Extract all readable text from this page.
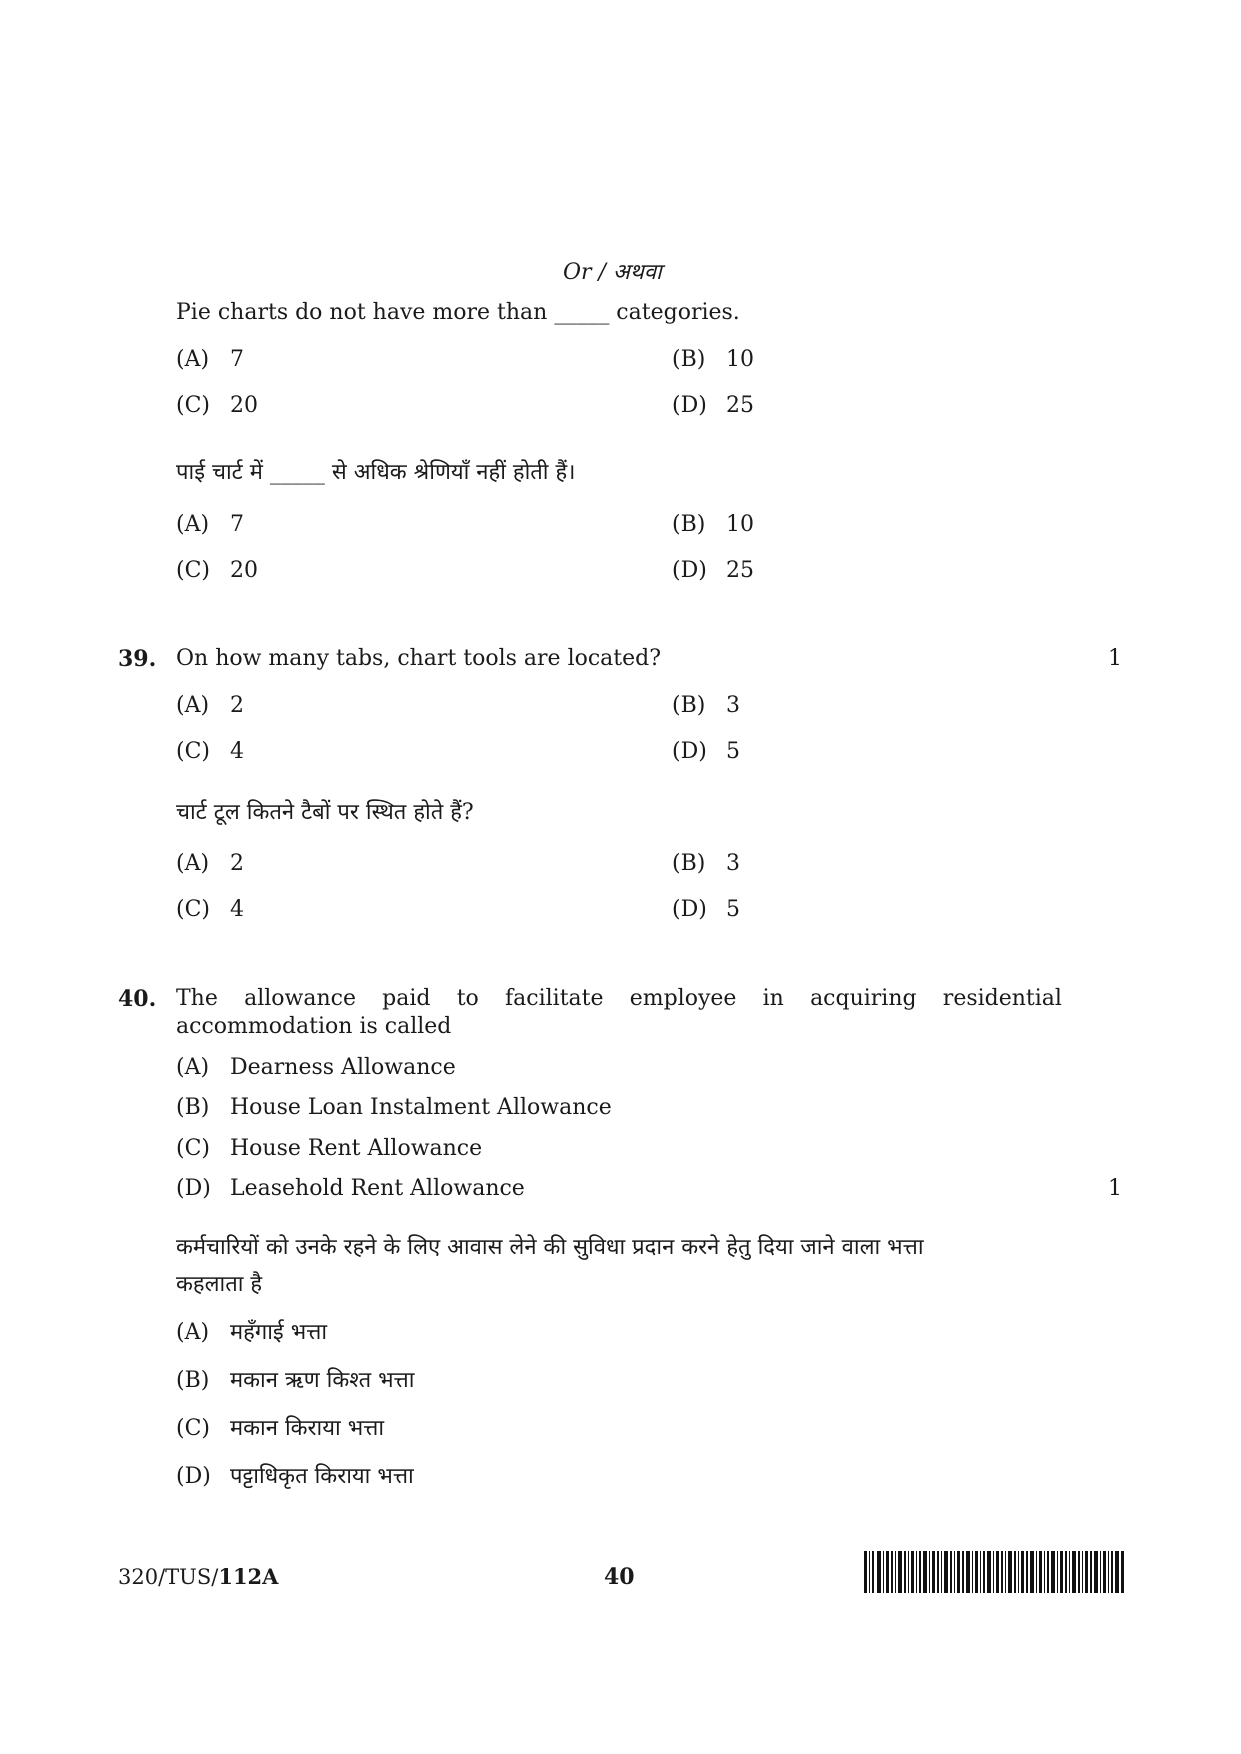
Or / अथवा
Pie charts do not have more than _____ categories.
(A) 7	(B) 10
(C) 20	(D) 25
पाई चार्ट में _____ से अधिक श्रेणियाँ नहीं होती हैं।
(A) 7	(B) 10
(C) 20	(D) 25
39. On how many tabs, chart tools are located?	1
(A) 2	(B) 3
(C) 4	(D) 5
चार्ट टूल कितने टैबों पर स्थित होते हैं?
(A) 2	(B) 3
(C) 4	(D) 5
40. The allowance paid to facilitate employee in acquiring residential
accommodation is called
(A) Dearness Allowance
(B) House Loan Instalment Allowance
(C) House Rent Allowance
(D) Leasehold Rent Allowance	1
कर्मचारियों को उनके रहने के लिए आवास लेने की सुविधा प्रदान करने हेतु दिया जाने वाला भत्ता
कहलाता है
(A) महँगाई भत्ता
(B) मकान ऋण किश्त भत्ता
(C) मकान किराया भत्ता
(D) पट्टाधिकृत किराया भत्ता
320/TUS/112A	40
